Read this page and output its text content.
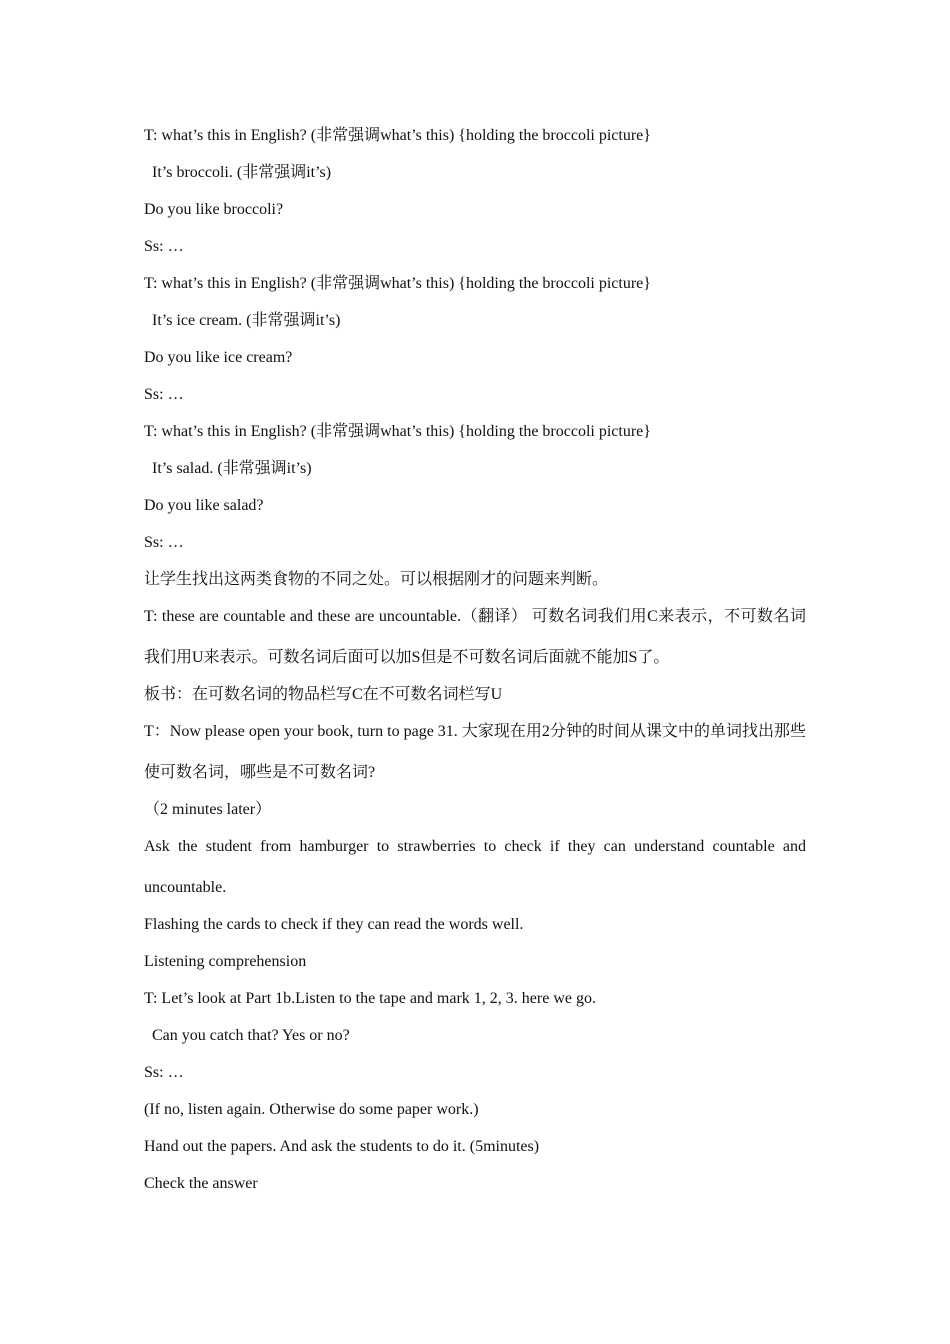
T: what’s this in English? (非常强调what’s this) {holding the broccoli picture}
It’s broccoli. (非常强调it’s)
Do you like broccoli?
Ss: …
T: what’s this in English? (非常强调what’s this) {holding the broccoli picture}
It’s ice cream. (非常强调it’s)
Do you like ice cream?
Ss: …
T: what’s this in English? (非常强调what’s this) {holding the broccoli picture}
It’s salad. (非常强调it’s)
Do you like salad?
Ss: …
让学生找出这两类食物的不同之处。可以根据刚才的问题来判断。
T: these are countable and these are uncountable.（翻译） 可数名词我们用C来表示，不可数名词我们用U来表示。可数名词后面可以加S但是不可数名词后面就不能加S了。
板书：在可数名词的物品栏写C在不可数名词栏写U
T：Now please open your book, turn to page 31. 大家现在用2分钟的时间从课文中的单词找出那些使可数名词，哪些是不可数名词?
（2 minutes later）
Ask the student from hamburger to strawberries to check if they can understand countable and uncountable.
Flashing the cards to check if they can read the words well.
Listening comprehension
T: Let’s look at Part 1b.Listen to the tape and mark 1, 2, 3. here we go.
Can you catch that? Yes or no?
Ss: …
(If no, listen again. Otherwise do some paper work.)
Hand out the papers. And ask the students to do it. (5minutes)
Check the answer
